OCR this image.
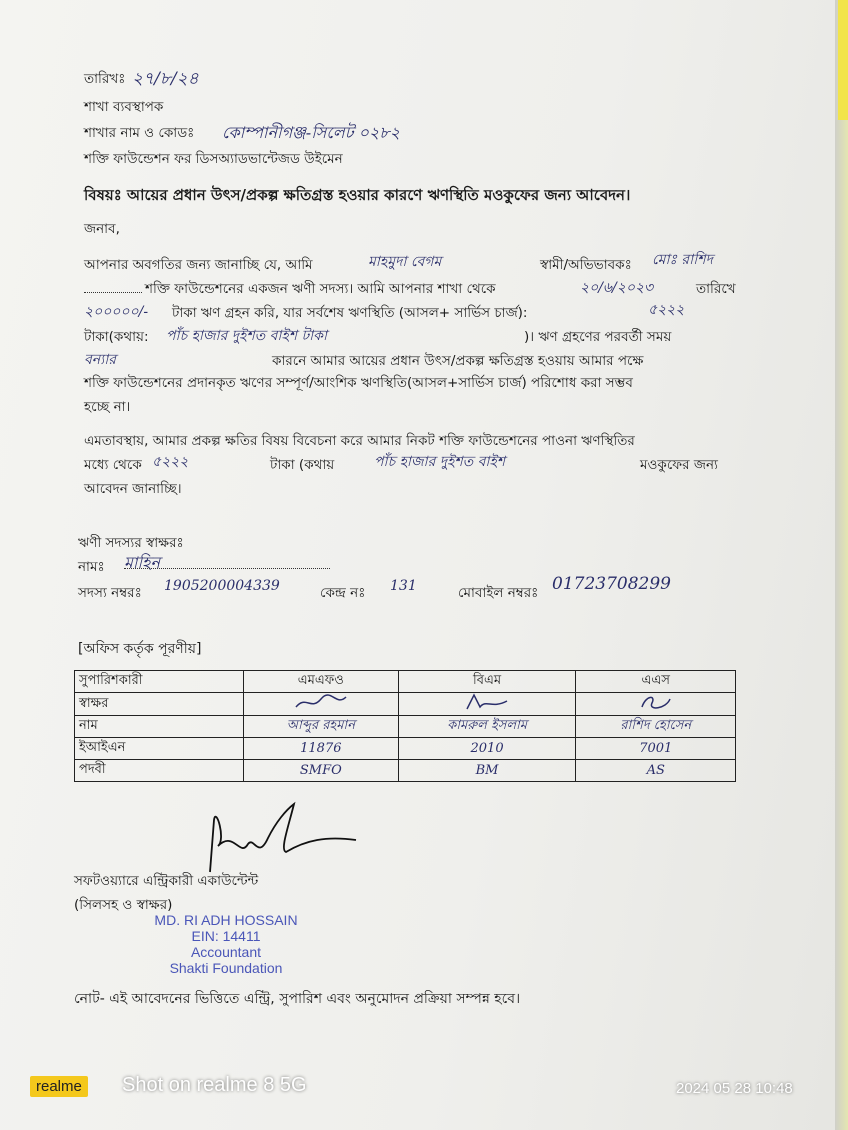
তারিখঃ ২৭/৮/২৪
শাখা ব্যবস্থাপক
শাখার নাম ও কোডঃ কোম্পানীগঞ্জ-সিলেট ০২৮২
শক্তি ফাউন্ডেশন ফর ডিসঅ্যাডভান্টেজড উইমেন
বিষয়ঃ আয়ের প্রধান উৎস/প্রকল্প ক্ষতিগ্রস্ত হওয়ার কারণে ঋণস্থিতি মওকুফের জন্য আবেদন।
জনাব,
আপনার অবগতির জন্য জানাচ্ছি যে, আমি	মাহমুদা বেগম	স্বামী/অভিভাবকঃ মোঃ রাশিদ
শক্তি ফাউন্ডেশনের একজন ঋণী সদস্য। আমি আপনার শাখা থেকে	২০/৬/২০২৩	তারিখে
২০০০০০/- টাকা ঋণ গ্রহন করি, যার সর্বশেষ ঋণস্থিতি (আসল+ সার্ভিস চার্জ):	৫২২২
টাকা(কথায়: পাঁচ হাজার দুইশত বাইশ টাকা	)। ঋণ গ্রহণের পরবর্তী সময়
বন্যার	কারনে আমার আয়ের প্রধান উৎস/প্রকল্প ক্ষতিগ্রস্ত হওয়ায় আমার পক্ষে
শক্তি ফাউন্ডেশনের প্রদানকৃত ঋণের সম্পূর্ণ/আংশিক ঋণস্থিতি(আসল+সার্ভিস চার্জ) পরিশোধ করা সম্ভব
হচ্ছে না।
এমতাবস্থায়, আমার প্রকল্প ক্ষতির বিষয় বিবেচনা করে আমার নিকট শক্তি ফাউন্ডেশনের পাওনা ঋণস্থিতির
মধ্যে থেকে ৫২২২	টাকা (কথায়	পাঁচ হাজার দুইশত বাইশ	মওকুফের জন্য
আবেদন জানাচ্ছি।
ঋণী সদস্যর স্বাক্ষরঃ
নামঃ মাহিন
সদস্য নম্বরঃ 1905200004339	কেন্দ্র নঃ 131	মোবাইল নম্বরঃ 01723708299
[অফিস কর্তৃক পূরণীয়]
সুপারিশকারী	এমএফও	বিএম	এএস
স্বাক্ষর			
নাম	আব্দুর রহমান	কামরুল ইসলাম	রাশিদ হোসেন
ইআইএন	11876	2010	7001
পদবী	SMFO	BM	AS
সফটওয়্যারে এন্ট্রিকারী একাউন্টেন্ট
(সিলসহ ও স্বাক্ষর)
MD. RI ADH HOSSAIN
EIN: 14411
Accountant
Shakti Foundation
নোট- এই আবেদনের ভিত্তিতে এন্ট্রি, সুপারিশ এবং অনুমোদন প্রক্রিয়া সম্পন্ন হবে।
realme	Shot on realme 8 5G	2024 05 28 10:48
